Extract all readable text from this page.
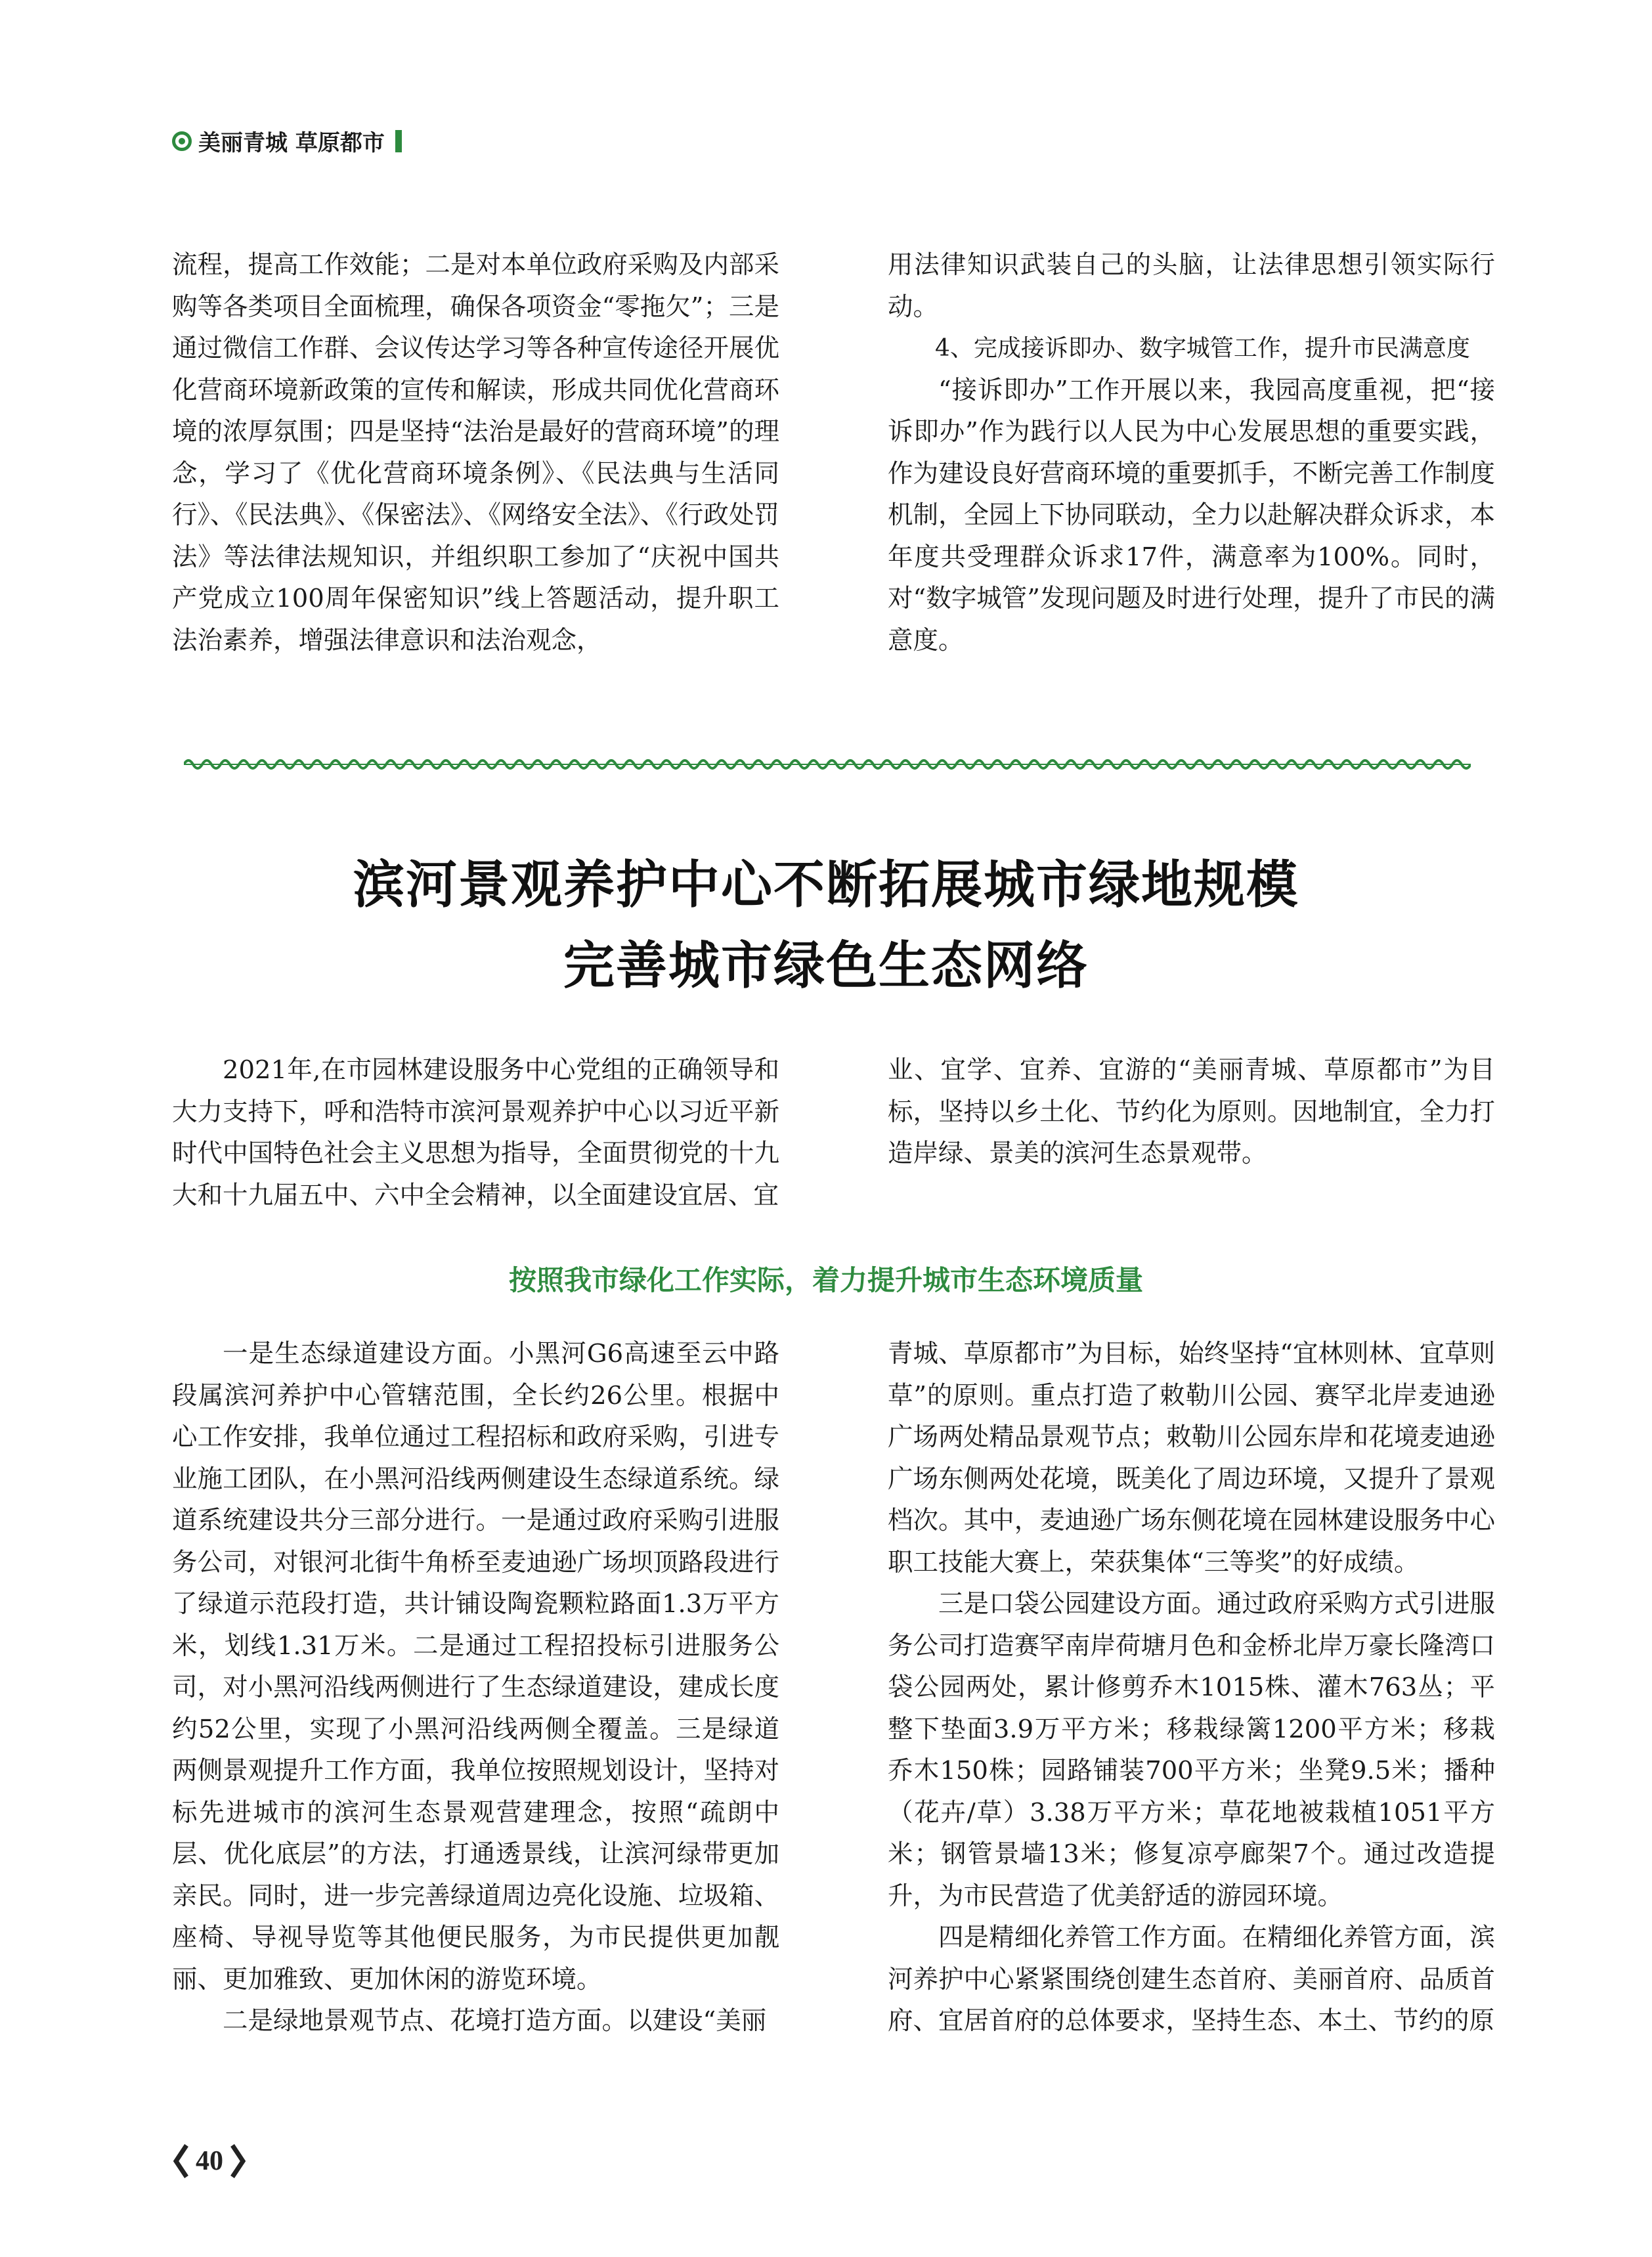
美丽青城 草原都市

流程，提高工作效能；二是对本单位政府采购及内部采购等各类项目全面梳理，确保各项资金“零拖欠”；三是通过微信工作群、会议传达学习等各种宣传途径开展优化营商环境新政策的宣传和解读，形成共同优化营商环境的浓厚氛围；四是坚持“法治是最好的营商环境”的理念，学习了《优化营商环境条例》、《民法典与生活同行》、《民法典》、《保密法》、《网络安全法》、《行政处罚法》等法律法规知识，并组织职工参加了“庆祝中国共产党成立100周年保密知识”线上答题活动，提升职工法治素养，增强法律意识和法治观念，

用法律知识武装自己的头脑，让法律思想引领实际行动。

4、完成接诉即办、数字城管工作，提升市民满意度

“接诉即办”工作开展以来，我园高度重视，把“接诉即办”作为践行以人民为中心发展思想的重要实践，作为建设良好营商环境的重要抓手，不断完善工作制度机制，全园上下协同联动，全力以赴解决群众诉求，本年度共受理群众诉求17件，满意率为100%。同时，对“数字城管”发现问题及时进行处理，提升了市民的满意度。

滨河景观养护中心不断拓展城市绿地规模
完善城市绿色生态网络

2021年,在市园林建设服务中心党组的正确领导和大力支持下，呼和浩特市滨河景观养护中心以习近平新时代中国特色社会主义思想为指导，全面贯彻党的十九大和十九届五中、六中全会精神，以全面建设宜居、宜

业、宜学、宜养、宜游的“美丽青城、草原都市”为目标，坚持以乡土化、节约化为原则。因地制宜，全力打造岸绿、景美的滨河生态景观带。

按照我市绿化工作实际，着力提升城市生态环境质量

一是生态绿道建设方面。小黑河G6高速至云中路段属滨河养护中心管辖范围，全长约26公里。根据中心工作安排，我单位通过工程招标和政府采购，引进专业施工团队，在小黑河沿线两侧建设生态绿道系统。绿道系统建设共分三部分进行。一是通过政府采购引进服务公司，对银河北街牛角桥至麦迪逊广场坝顶路段进行了绿道示范段打造，共计铺设陶瓷颗粒路面1.3万平方米，划线1.31万米。二是通过工程招投标引进服务公司，对小黑河沿线两侧进行了生态绿道建设，建成长度约52公里，实现了小黑河沿线两侧全覆盖。三是绿道两侧景观提升工作方面，我单位按照规划设计，坚持对标先进城市的滨河生态景观营建理念，按照“疏朗中层、优化底层”的方法，打通透景线，让滨河绿带更加亲民。同时，进一步完善绿道周边亮化设施、垃圾箱、座椅、导视导览等其他便民服务，为市民提供更加靓丽、更加雅致、更加休闲的游览环境。

二是绿地景观节点、花境打造方面。以建设“美丽

青城、草原都市”为目标，始终坚持“宜林则林、宜草则草”的原则。重点打造了敕勒川公园、赛罕北岸麦迪逊广场两处精品景观节点；敕勒川公园东岸和花境麦迪逊广场东侧两处花境，既美化了周边环境，又提升了景观档次。其中，麦迪逊广场东侧花境在园林建设服务中心职工技能大赛上，荣获集体“三等奖”的好成绩。

三是口袋公园建设方面。通过政府采购方式引进服务公司打造赛罕南岸荷塘月色和金桥北岸万豪长隆湾口袋公园两处，累计修剪乔木1015株、灌木763丛；平整下垫面3.9万平方米；移栽绿篱1200平方米；移栽乔木150株；园路铺装700平方米；坐凳9.5米；播种（花卉/草）3.38万平方米；草花地被栽植1051平方米；钢管景墙13米；修复凉亭廊架7个。通过改造提升，为市民营造了优美舒适的游园环境。

四是精细化养管工作方面。在精细化养管方面，滨河养护中心紧紧围绕创建生态首府、美丽首府、品质首府、宜居首府的总体要求，坚持生态、本土、节约的原

40
